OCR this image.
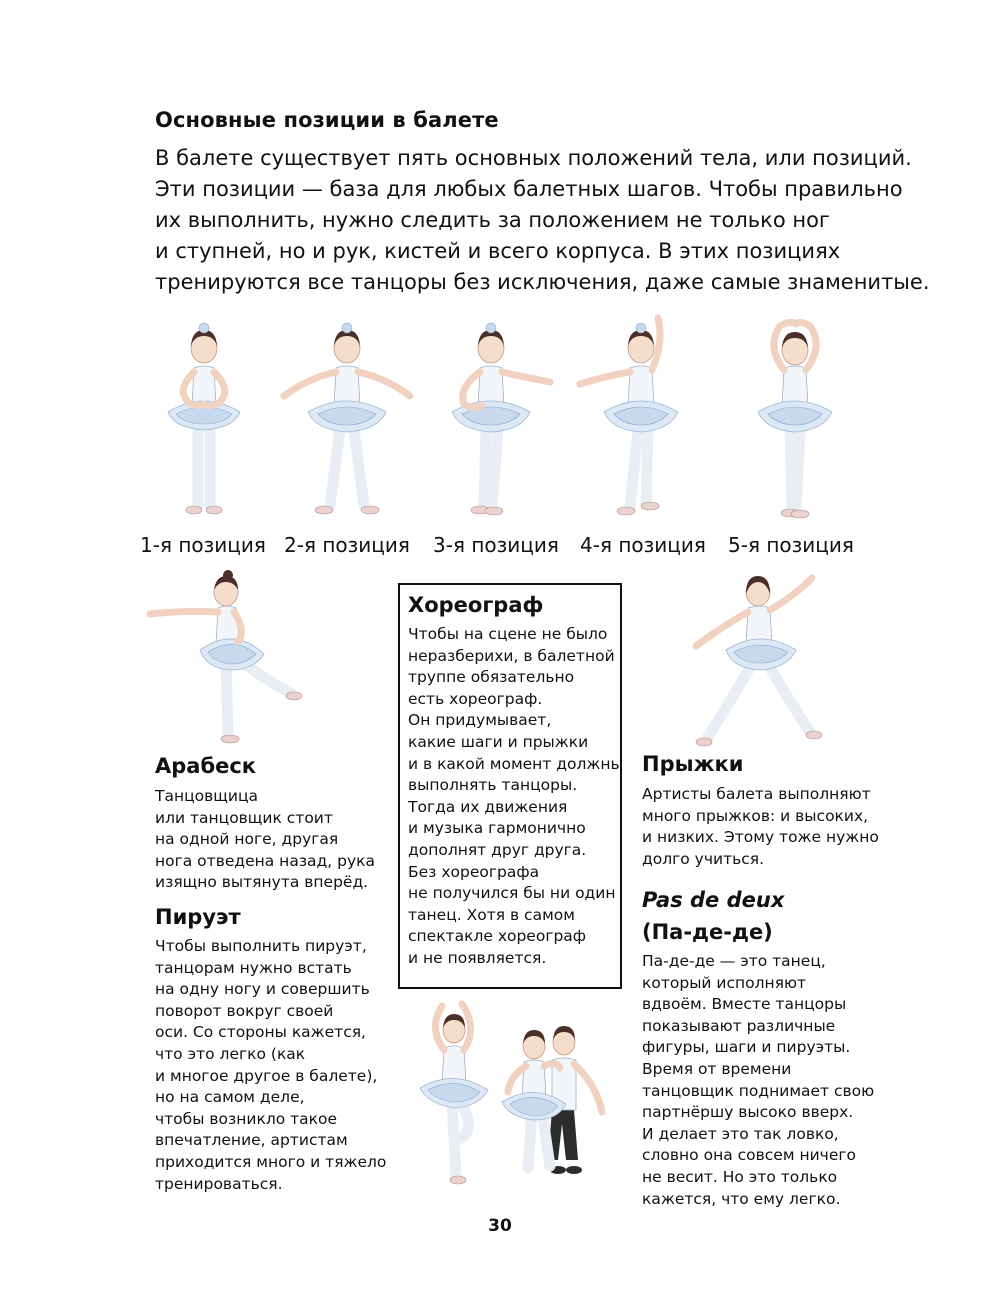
Основные позиции в балете
В балете существует пять основных положений тела, или позиций.
Эти позиции — база для любых балетных шагов. Чтобы правильно
их выполнить, нужно следить за положением не только ног
и ступней, но и рук, кистей и всего корпуса. В этих позициях
тренируются все танцоры без исключения, даже самые знаменитые.
1-я позиция 2-я позиция 3-я позиция 4-я позиция 5-я позиция
Арабеск
Танцовщица
или танцовщик стоит
на одной ноге, другая
нога отведена назад, рука
изящно вытянута вперёд.
Пируэт
Чтобы выполнить пируэт,
танцорам нужно встать
на одну ногу и совершить
поворот вокруг своей
оси. Со стороны кажется,
что это легко (как
и многое другое в балете),
но на самом деле,
чтобы возникло такое
впечатление, артистам
приходится много и тяжело
тренироваться.
Хореограф
Чтобы на сцене не было
неразберихи, в балетной
труппе обязательно
есть хореограф.
Он придумывает,
какие шаги и прыжки
и в какой момент должны
выполнять танцоры.
Тогда их движения
и музыка гармонично
дополнят друг друга.
Без хореографа
не получился бы ни один
танец. Хотя в самом
спектакле хореограф
и не появляется.
Прыжки
Артисты балета выполняют
много прыжков: и высоких,
и низких. Этому тоже нужно
долго учиться.
Pas de deux
(Па-де-де)
Па-де-де — это танец,
который исполняют
вдвоём. Вместе танцоры
показывают различные
фигуры, шаги и пируэты.
Время от времени
танцовщик поднимает свою
партнёршу высоко вверх.
И делает это так ловко,
словно она совсем ничего
не весит. Но это только
кажется, что ему легко.
30
